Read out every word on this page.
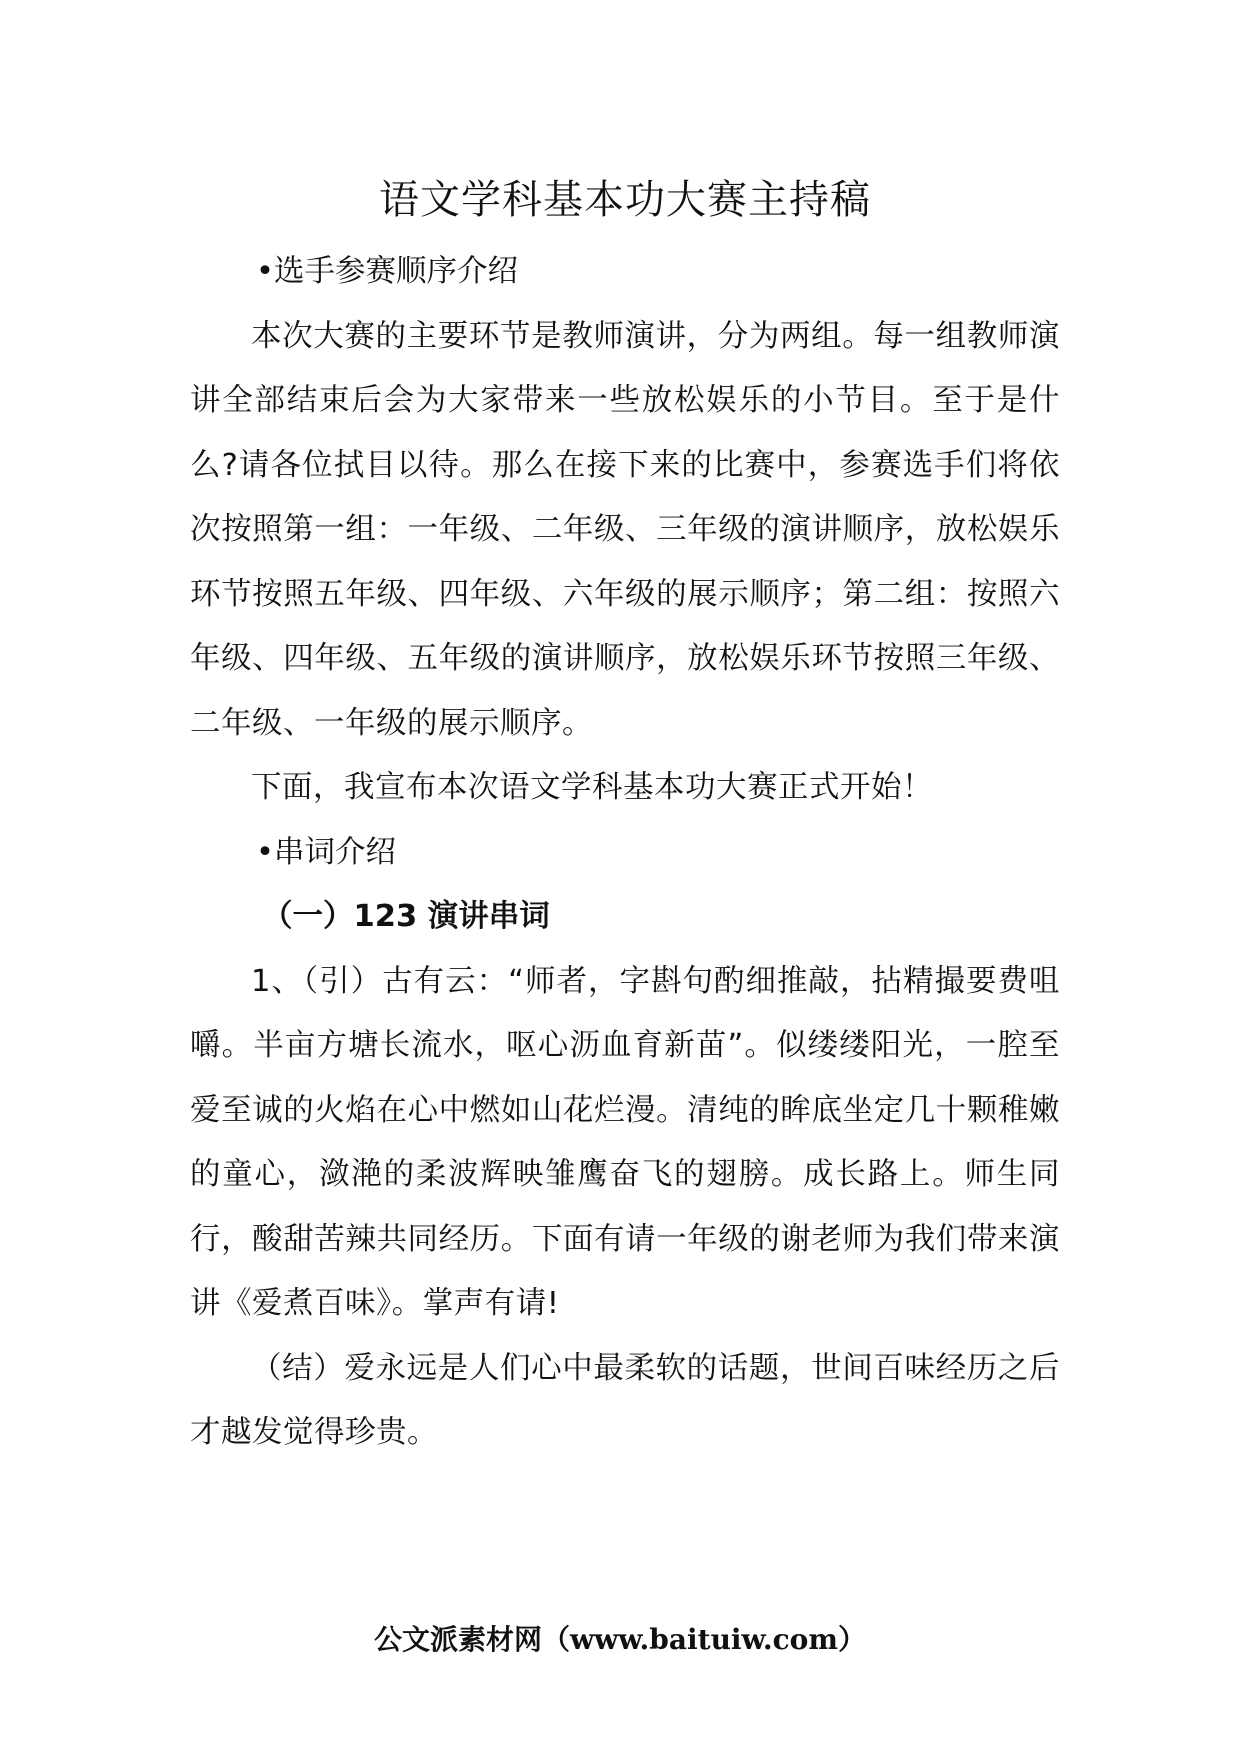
语文学科基本功大赛主持稿

•选手参赛顺序介绍

本次大赛的主要环节是教师演讲，分为两组。每一组教师演讲全部结束后会为大家带来一些放松娱乐的小节目。至于是什么?请各位拭目以待。那么在接下来的比赛中，参赛选手们将依次按照第一组：一年级、二年级、三年级的演讲顺序，放松娱乐环节按照五年级、四年级、六年级的展示顺序；第二组：按照六年级、四年级、五年级的演讲顺序，放松娱乐环节按照三年级、二年级、一年级的展示顺序。

下面，我宣布本次语文学科基本功大赛正式开始！

•串词介绍

（一）123 演讲串词

1、（引）古有云：“师者，字斟句酌细推敲，拈精撮要费咀嚼。半亩方塘长流水，呕心沥血育新苗”。似缕缕阳光，一腔至爱至诚的火焰在心中燃如山花烂漫。清纯的眸底坐定几十颗稚嫩的童心，潋滟的柔波辉映雏鹰奋飞的翅膀。成长路上。师生同行，酸甜苦辣共同经历。下面有请一年级的谢老师为我们带来演讲《爱煮百味》。掌声有请!

（结）爱永远是人们心中最柔软的话题，世间百味经历之后才越发觉得珍贵。

公文派素材网（www.baituiw.com）
